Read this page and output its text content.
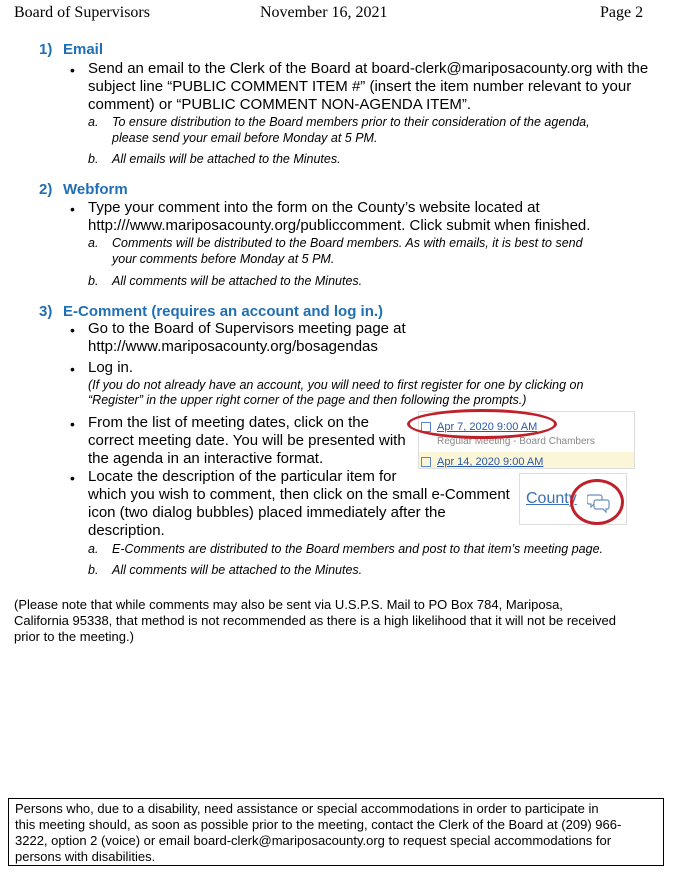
Board of Supervisors	November 16, 2021	Page 2
1) Email
• Send an email to the Clerk of the Board at board-clerk@mariposacounty.org with the
subject line “PUBLIC COMMENT ITEM #” (insert the item number relevant to your
comment) or “PUBLIC COMMENT NON-AGENDA ITEM”.
a. To ensure distribution to the Board members prior to their consideration of the agenda,
please send your email before Monday at 5 PM.
b. All emails will be attached to the Minutes.
2) Webform
• Type your comment into the form on the County’s website located at
http:///www.mariposacounty.org/publiccomment. Click submit when finished.
a. Comments will be distributed to the Board members. As with emails, it is best to send
your comments before Monday at 5 PM.
b. All comments will be attached to the Minutes.
3) E-Comment (requires an account and log in.)
• Go to the Board of Supervisors meeting page at
http://www.mariposacounty.org/bosagendas
• Log in.
(If you do not already have an account, you will need to first register for one by clicking on
“Register” in the upper right corner of the page and then following the prompts.)
• From the list of meeting dates, click on the
correct meeting date. You will be presented with
the agenda in an interactive format.
• Locate the description of the particular item for
which you wish to comment, then click on the small e-Comment
icon (two dialog bubbles) placed immediately after the
description.
a. E-Comments are distributed to the Board members and post to that item’s meeting page.
b. All comments will be attached to the Minutes.
Apr 7, 2020 9:00 AM
Regular Meeting - Board Chambers
Apr 14, 2020 9:00 AM
County
(Please note that while comments may also be sent via U.S.P.S. Mail to PO Box 784, Mariposa,
California 95338, that method is not recommended as there is a high likelihood that it will not be received
prior to the meeting.)
Persons who, due to a disability, need assistance or special accommodations in order to participate in
this meeting should, as soon as possible prior to the meeting, contact the Clerk of the Board at (209) 966-
3222, option 2 (voice) or email board-clerk@mariposacounty.org to request special accommodations for
persons with disabilities.
